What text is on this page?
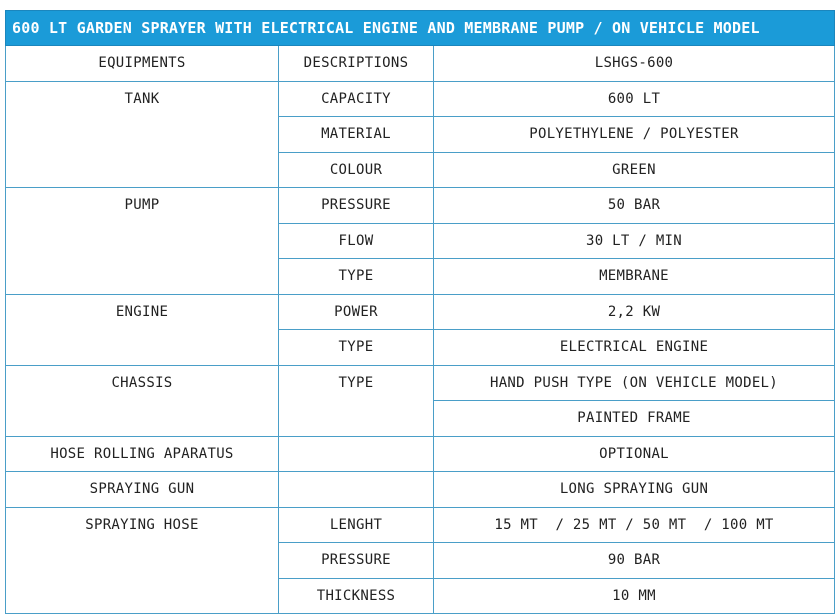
600 LT GARDEN SPRAYER WITH ELECTRICAL ENGINE AND MEMBRANE PUMP / ON VEHICLE MODEL		
EQUIPMENTS	DESCRIPTIONS	LSHGS-600
TANK	CAPACITY	600 LT
	MATERIAL	POLYETHYLENE / POLYESTER
	COLOUR	GREEN
PUMP	PRESSURE	50 BAR
	FLOW	30 LT / MIN
	TYPE	MEMBRANE
ENGINE	POWER	2,2 KW
	TYPE	ELECTRICAL ENGINE
CHASSIS	TYPE	HAND PUSH TYPE (ON VEHICLE MODEL)
		PAINTED FRAME
HOSE ROLLING APARATUS		OPTIONAL
SPRAYING GUN		LONG SPRAYING GUN
SPRAYING HOSE	LENGHT	15 MT  / 25 MT / 50 MT  / 100 MT
	PRESSURE	90 BAR
	THICKNESS	10 MM
